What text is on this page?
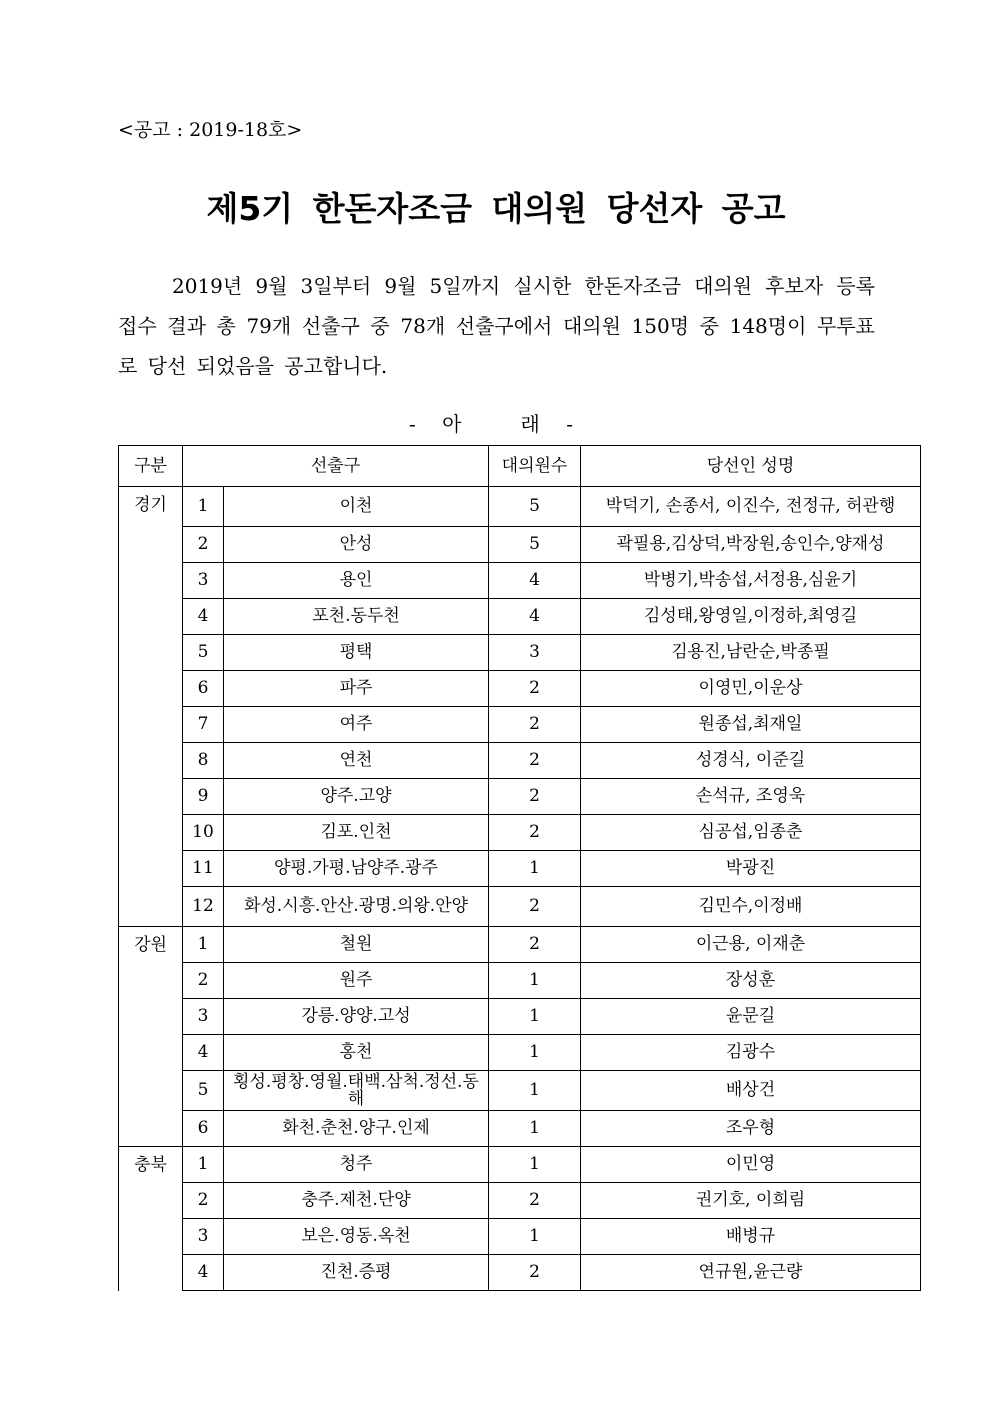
<공고 : 2019-18호>
제5기 한돈자조금 대의원 당선자 공고
2019년 9월 3일부터 9월 5일까지 실시한 한돈자조금 대의원 후보자 등록 접수 결과 총 79개 선출구 중 78개 선출구에서 대의원 150명 중 148명이 무투표로 당선 되었음을 공고합니다.
- 아   래 -
구분	선출구		대의원수	당선인 성명
경기	1	이천	5	박덕기, 손종서, 이진수, 전정규, 허관행
	2	안성	5	곽필용,김상덕,박장원,송인수,양재성
	3	용인	4	박병기,박송섭,서정용,심윤기
	4	포천.동두천	4	김성태,왕영일,이정하,최영길
	5	평택	3	김용진,남란순,박종필
	6	파주	2	이영민,이운상
	7	여주	2	원종섭,최재일
	8	연천	2	성경식, 이준길
	9	양주.고양	2	손석규, 조영욱
	10	김포.인천	2	심공섭,임종춘
	11	양평.가평.남양주.광주	1	박광진
	12	화성.시흥.안산.광명.의왕.안양	2	김민수,이정배
강원	1	철원	2	이근용, 이재춘
	2	원주	1	장성훈
	3	강릉.양양.고성	1	윤문길
	4	홍천	1	김광수
	5	횡성.평창.영월.태백.삼척.정선.동해	1	배상건
	6	화천.춘천.양구.인제	1	조우형
충북	1	청주	1	이민영
	2	충주.제천.단양	2	권기호, 이희림
	3	보은.영동.옥천	1	배병규
	4	진천.증평	2	연규원,윤근량
